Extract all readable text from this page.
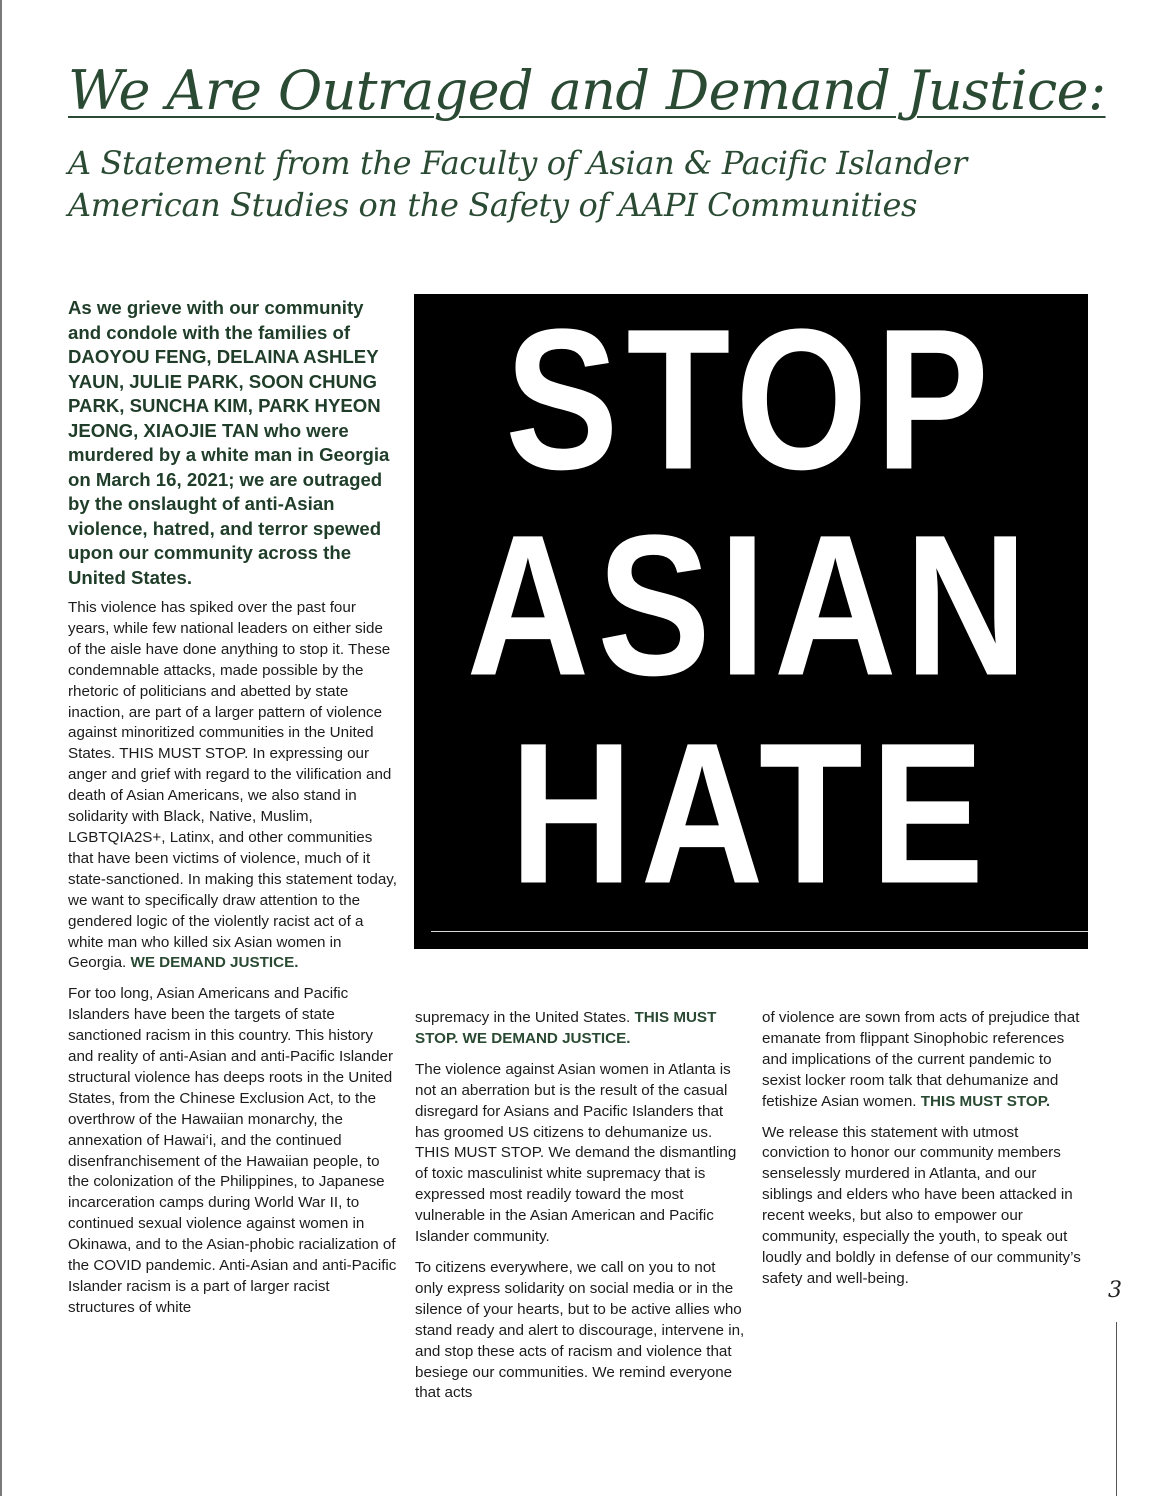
We Are Outraged and Demand Justice:
A Statement from the Faculty of Asian & Pacific Islander American Studies on the Safety of AAPI Communities

As we grieve with our community and condole with the families of DAOYOU FENG, DELAINA ASHLEY YAUN, JULIE PARK, SOON CHUNG PARK, SUNCHA KIM, PARK HYEON JEONG, XIAOJIE TAN who were murdered by a white man in Georgia on March 16, 2021; we are outraged by the onslaught of anti-Asian violence, hatred, and terror spewed upon our community across the United States.

This violence has spiked over the past four years, while few national leaders on either side of the aisle have done anything to stop it. These condemnable attacks, made possible by the rhetoric of politicians and abetted by state inaction, are part of a larger pattern of violence against minoritized communities in the United States. THIS MUST STOP. In expressing our anger and grief with regard to the vilification and death of Asian Americans, we also stand in solidarity with Black, Native, Muslim, LGBTQIA2S+, Latinx, and other communities that have been victims of violence, much of it state-sanctioned. In making this statement today, we want to specifically draw attention to the gendered logic of the violently racist act of a white man who killed six Asian women in Georgia. WE DEMAND JUSTICE.

For too long, Asian Americans and Pacific Islanders have been the targets of state sanctioned racism in this country. This history and reality of anti-Asian and anti-Pacific Islander structural violence has deeps roots in the United States, from the Chinese Exclusion Act, to the overthrow of the Hawaiian monarchy, the annexation of Hawai‘i, and the continued disenfranchisement of the Hawaiian people, to the colonization of the Philippines, to Japanese incarceration camps during World War II, to continued sexual violence against women in Okinawa, and to the Asian-phobic racialization of the COVID pandemic. Anti-Asian and anti-Pacific Islander racism is a part of larger racist structures of white

STOP
ASIAN
HATE

supremacy in the United States. THIS MUST STOP. WE DEMAND JUSTICE.

The violence against Asian women in Atlanta is not an aberration but is the result of the casual disregard for Asians and Pacific Islanders that has groomed US citizens to dehumanize us. THIS MUST STOP. We demand the dismantling of toxic masculinist white supremacy that is expressed most readily toward the most vulnerable in the Asian American and Pacific Islander community.

To citizens everywhere, we call on you to not only express solidarity on social media or in the silence of your hearts, but to be active allies who stand ready and alert to discourage, intervene in, and stop these acts of racism and violence that besiege our communities. We remind everyone that acts

of violence are sown from acts of prejudice that emanate from flippant Sinophobic references and implications of the current pandemic to sexist locker room talk that dehumanize and fetishize Asian women. THIS MUST STOP.

We release this statement with utmost conviction to honor our community members senselessly murdered in Atlanta, and our siblings and elders who have been attacked in recent weeks, but also to empower our community, especially the youth, to speak out loudly and boldly in defense of our community’s safety and well-being.	3
